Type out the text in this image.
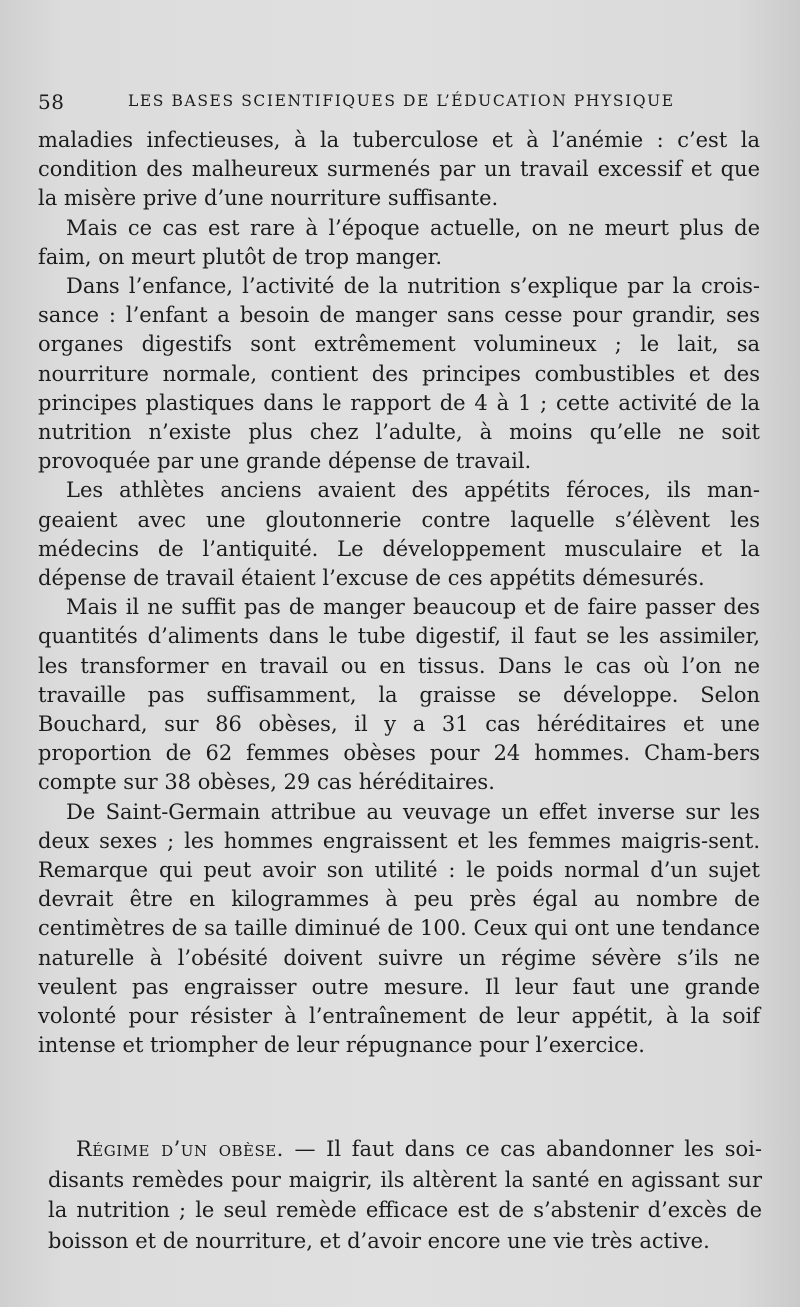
58	LES BASES SCIENTIFIQUES DE L’ÉDUCATION PHYSIQUE

maladies infectieuses, à la tuberculose et à l’anémie : c’est la condition des malheureux surmenés par un travail excessif et que la misère prive d’une nourriture suffisante.

Mais ce cas est rare à l’époque actuelle, on ne meurt plus de faim, on meurt plutôt de trop manger.

Dans l’enfance, l’activité de la nutrition s’explique par la crois-sance : l’enfant a besoin de manger sans cesse pour grandir, ses organes digestifs sont extrêmement volumineux ; le lait, sa nourriture normale, contient des principes combustibles et des principes plastiques dans le rapport de 4 à 1 ; cette activité de la nutrition n’existe plus chez l’adulte, à moins qu’elle ne soit provoquée par une grande dépense de travail.

Les athlètes anciens avaient des appétits féroces, ils man-geaient avec une gloutonnerie contre laquelle s’élèvent les médecins de l’antiquité. Le développement musculaire et la dépense de travail étaient l’excuse de ces appétits démesurés.

Mais il ne suffit pas de manger beaucoup et de faire passer des quantités d’aliments dans le tube digestif, il faut se les assimiler, les transformer en travail ou en tissus. Dans le cas où l’on ne travaille pas suffisamment, la graisse se développe. Selon Bouchard, sur 86 obèses, il y a 31 cas héréditaires et une proportion de 62 femmes obèses pour 24 hommes. Cham-bers compte sur 38 obèses, 29 cas héréditaires.

De Saint-Germain attribue au veuvage un effet inverse sur les deux sexes ; les hommes engraissent et les femmes maigris-sent. Remarque qui peut avoir son utilité : le poids normal d’un sujet devrait être en kilogrammes à peu près égal au nombre de centimètres de sa taille diminué de 100. Ceux qui ont une tendance naturelle à l’obésité doivent suivre un régime sévère s’ils ne veulent pas engraisser outre mesure. Il leur faut une grande volonté pour résister à l’entraînement de leur appétit, à la soif intense et triompher de leur répugnance pour l’exercice.

Régime d’un obèse. — Il faut dans ce cas abandonner les soi-disants remèdes pour maigrir, ils altèrent la santé en agissant sur la nutrition ; le seul remède efficace est de s’abstenir d’excès de boisson et de nourriture, et d’avoir encore une vie très active.
